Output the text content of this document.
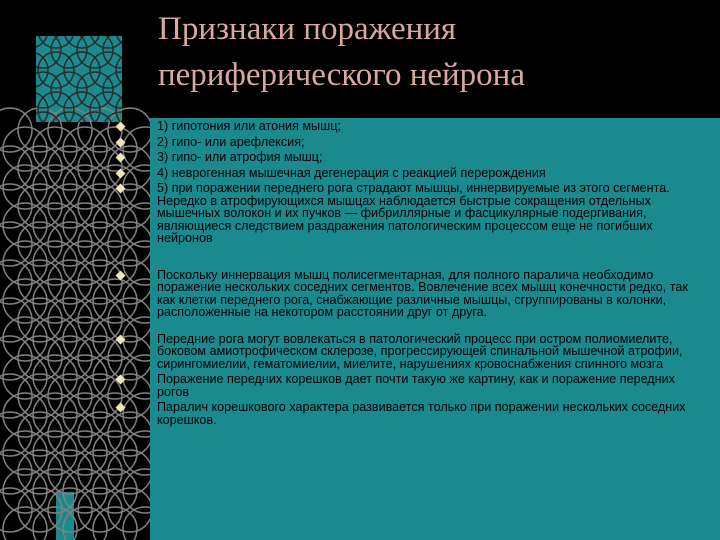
Признаки поражения
периферического нейрона
1) гипотония или атония мышц;
2) гипо- или арефлексия;
3) гипо- или атрофия мышц;
4) неврогенная мышечная дегенерация с реакцией перерождения
5) при поражении переднего рога страдают мышцы, иннервируемые из этого сегмента. Нередко в атрофирующихся мышцах наблюдается быстрые сокращения отдельных мышечных волокон и их пучков — фибриллярные и фасцикулярные подергивания, являющиеся следствием раздражения патологическим процессом еще не погибших нейронов
Поскольку иннервация мышц полисегментарная, для полного паралича необходимо поражение нескольких соседних сегментов. Вовлечение всех мышц конечности редко, так как клетки переднего рога, снабжающие различные мышцы, сгруппированы в колонки, расположенные на некотором расстоянии друг от друга.
Передние рога могут вовлекаться в патологический процесс при остром полиомиелите, боковом амиотрофическом склерозе, прогрессирующей спинальной мышечной атрофии, сирингомиелии, гематомиелии, миелите, нарушениях кровоснабжения спинного мозга
Поражение передних корешков дает почти такую же картину, как и поражение передних рогов
Паралич корешкового характера развивается только при поражении нескольких соседних корешков.
